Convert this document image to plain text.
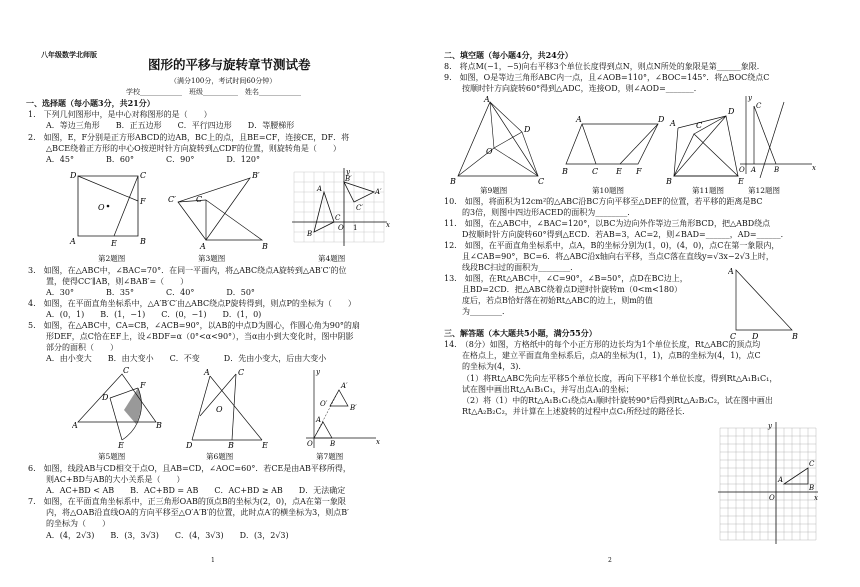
八年级数学北师版
图形的平移与旋转章节测试卷
（满分100分，考试时间60分钟）
学校____________　班级__________　姓名____________
一、选择题（每小题3分，共21分）
1.　下列几何图形中，是中心对称图形的是（　　）
A．等边三角形　　B．正五边形　　C．平行四边形　　D．等腰梯形
2.　如图，E，F分别是正方形ABCD的边AB，BC上的点，且BE=CF，连接CE，DF．将
△BCE绕着正方形的中心O按逆时针方向旋转到△CDF的位置，则旋转角是（　　）
A．45°　　　　B．60°　　　　C．90°　　　　D．120°
D	C
F
O
A	E	B
第2题图
C′
B′
C
A	B
第3题图
x
y
A
B
C
B′
A′
C′
O 1
第4题图
3.　如图，在△ABC中，∠BAC=70°．在同一平面内，将△ABC绕点A旋转到△AB′C′的位
置，使得CC′∥AB，则∠BAB′=（　　）
A．30°　　　　B．35°　　　　C．40°　　　　D．50°
4.　如图，在平面直角坐标系中，△A′B′C′由△ABC绕点P旋转得到，则点P的坐标为（　　）
A．(0，1)　　B．(1，−1)　　C．(0，−1)　　D．(1，0)
5.　如图，在△ABC中，CA=CB，∠ACB=90°，以AB的中点D为圆心，作圆心角为90°的扇
形DEF，点C恰在EF上，设∠BDF=α（0°<α<90°），当α由小到大变化时，图中阴影
部分的面积（　　）
A．由小变大　　B．由大变小　　C．不变　　　D．先由小变大，后由大变小
C
F
D
A	B
E
第5题图
A	C
O
D	B	E
第6题图
x
y
A′
O′	B′
A
O B
第7题图
6.　如图，线段AB与CD相交于点O，且AB=CD，∠AOC=60°．若CE是由AB平移所得，
则AC+BD与AB的大小关系是（　　）
A．AC+BD < AB　　B．AC+BD = AB　　C．AC+BD ≥ AB　　D．无法确定
7.　如图，在平面直角坐标系中，正三角形OAB的顶点B的坐标为(2，0)，点A在第一象限
内，将△OAB沿直线OA的方向平移至△O′A′B′的位置，此时点A′的横坐标为3，则点B′
的坐标为（　　）
A．(4，2√3)　　B．(3，3√3)　　C．(4，3√3)　　D．(3，2√3)
1
二、填空题（每小题4分，共24分）
8.　将点M(−1，−5)向右平移3个单位长度得到点N，则点N所处的象限是第______象限．
9.　如图，O是等边三角形ABC内一点，且∠AOB=110°，∠BOC=145°．将△BOC绕点C
按顺时针方向旋转60°得到△ADC，连接OD，则∠AOD=_______．
A
D
O
B	C
第9题图
A	D
B	C E F
第10题图
A	C
D
B	E
第11题图
x
y
C
O A	B
第12题图
10.　如图，将面积为12cm²的△ABC沿BC方向平移至△DEF的位置，若平移的距离是BC
的3倍，则图中四边形ACED的面积为________．
11.　如图，在△ABC中，∠BAC=120°，以BC为边向外作等边三角形BCD，把△ABD绕点
D按顺时针方向旋转60°得到△ECD．若AB=3，AC=2，则∠BAD=______，AD=______．
12.　如图，在平面直角坐标系中，点A，B的坐标分别为(1，0)，(4，0)，点C在第一象限内，
且∠CAB=90°，BC=6．将△ABC沿x轴向右平移，当点C落在直线y=√3x−2√3上时，
线段BC扫过的面积为________．
13.　如图，在Rt△ABC中，∠C=90°，∠B=50°，点D在BC边上，
且BD=2CD．把△ABC绕着点D逆时针旋转m（0<m<180）
度后，若点B恰好落在初始Rt△ABC的边上，则m的值
为________．
A
C D	B
三、解答题（本大题共5小题，满分55分）
14.　（8分）如图，方格纸中的每个小正方形的边长均为1个单位长度，Rt△ABC的顶点均
在格点上，建立平面直角坐标系后，点A的坐标为(1，1)，点B的坐标为(4，1)，点C
的坐标为(4，3)．
（1）将Rt△ABC先向左平移5个单位长度，再向下平移1个单位长度，得到Rt△A₁B₁C₁，
试在图中画出Rt△A₁B₁C₁，并写出点A₁的坐标；
（2）将（1）中的Rt△A₁B₁C₁绕点A₁顺时针旋转90°后得到Rt△A₂B₂C₂，试在图中画出
Rt△A₂B₂C₂，并计算在上述旋转的过程中点C₁所经过的路径长．
x
y
C
A
B
O
2
